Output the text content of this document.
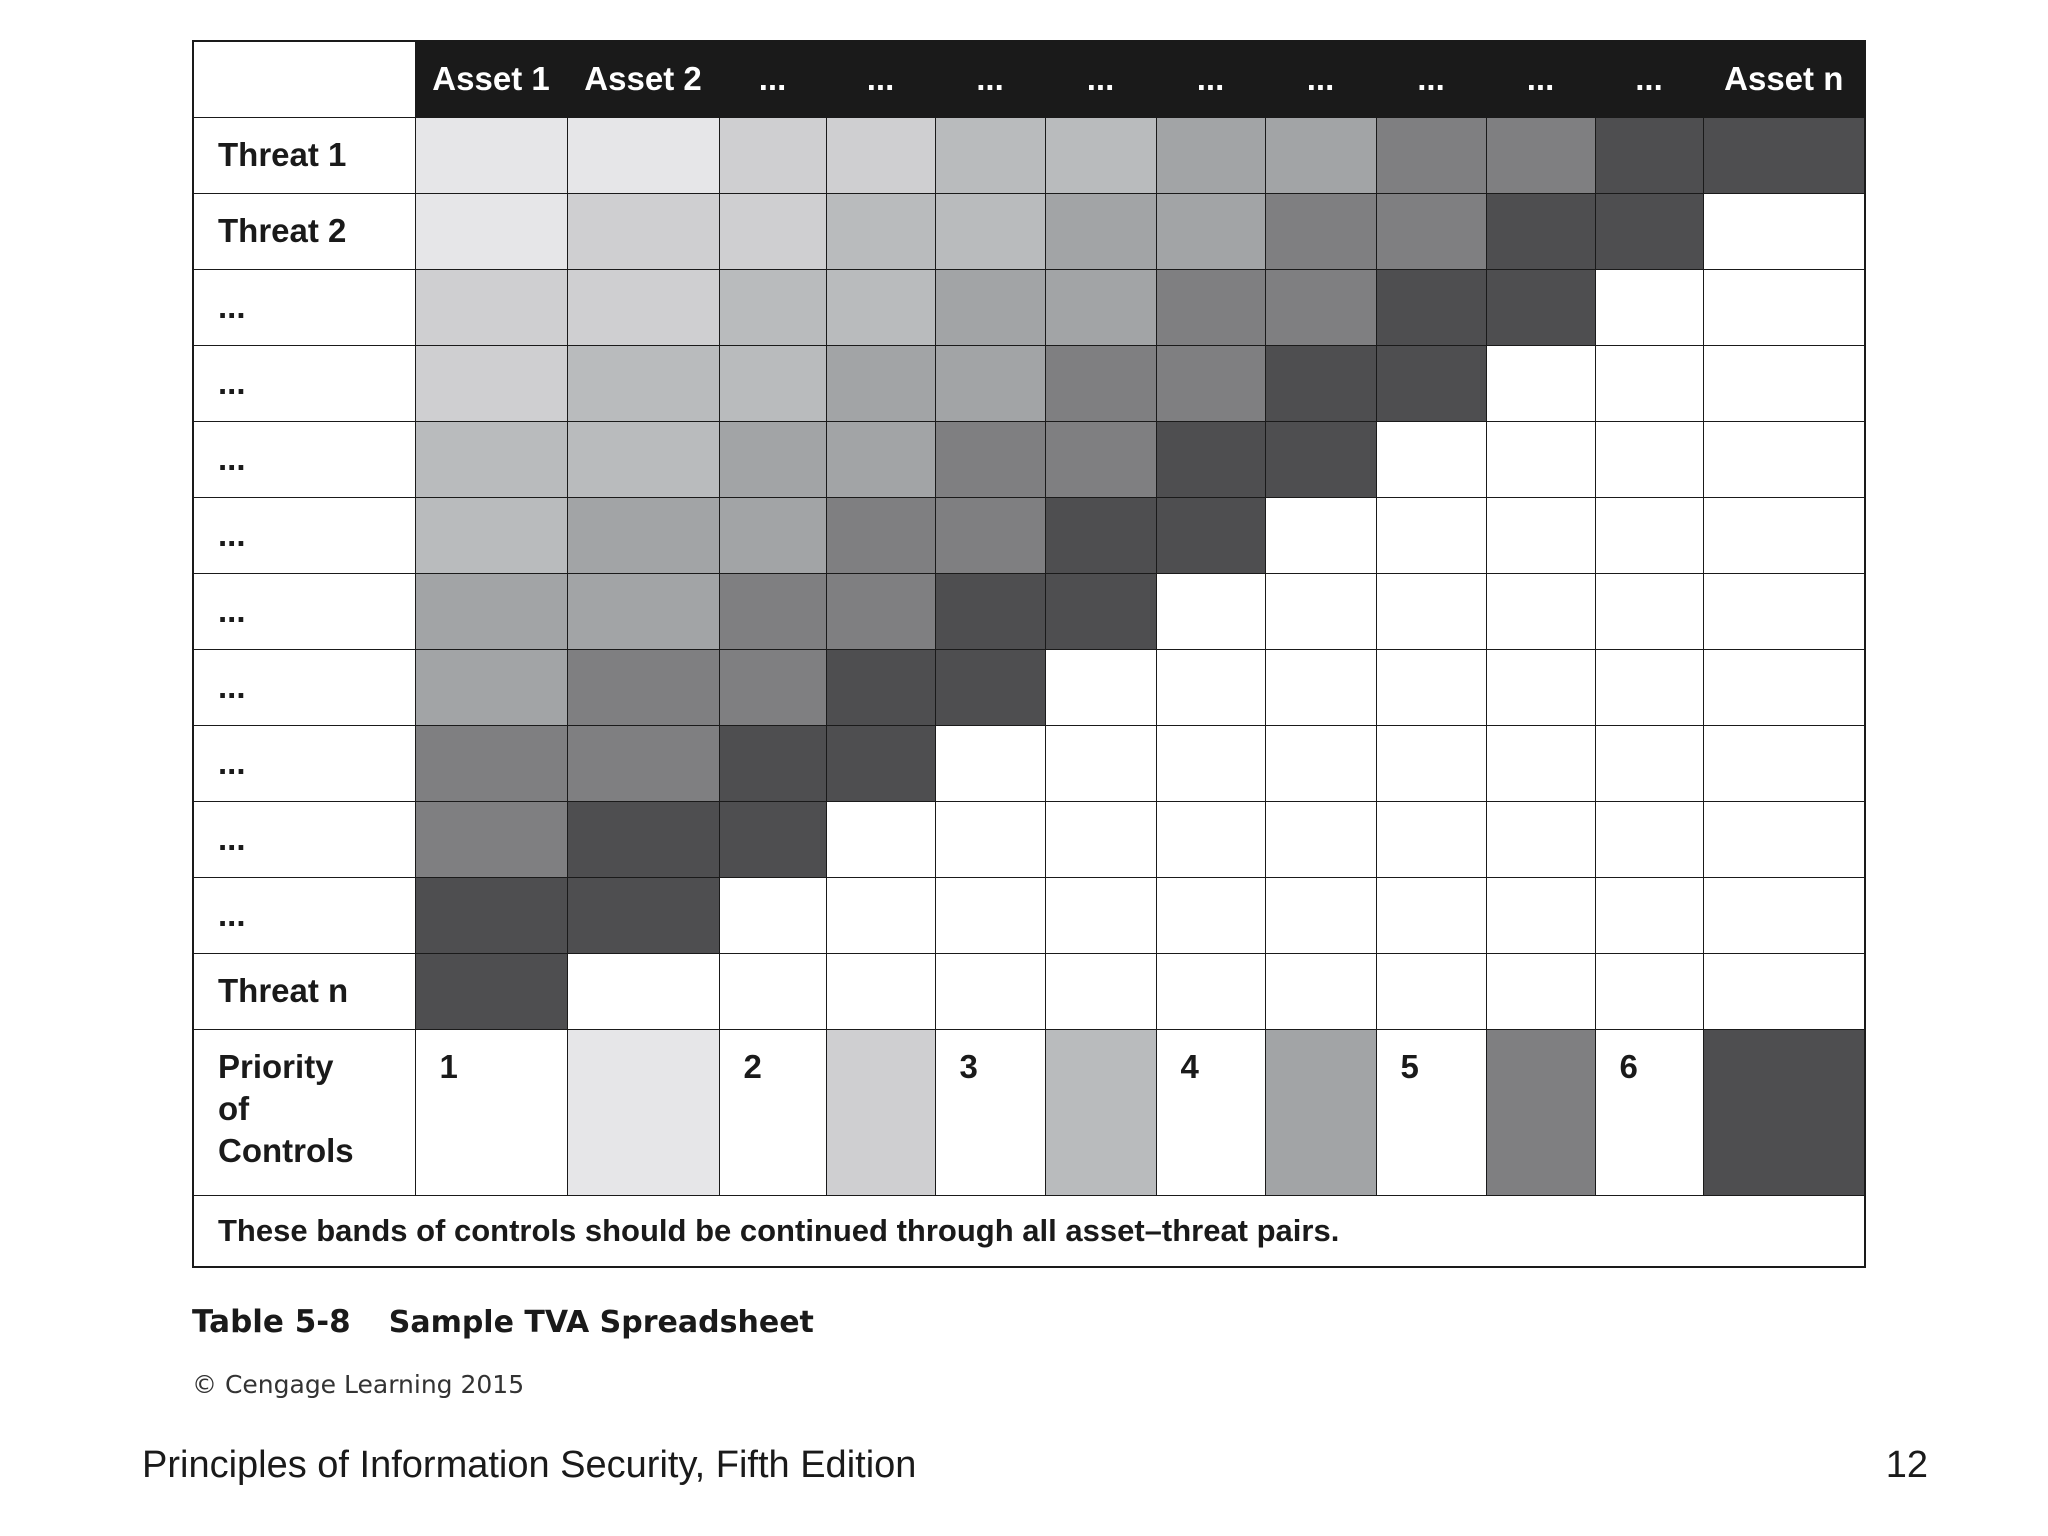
	Asset 1	Asset 2	...	...	...	...	...	...	...	...	...	Asset n
Threat 1												
Threat 2												
...												
...												
...												
...												
...												
...												
...												
...												
...												
Threat n												

Priority
of
Controls	1		2		3		4		5		6	
These bands of controls should be continued through all asset–threat pairs.												
Table 5-8 Sample TVA Spreadsheet
© Cengage Learning 2015
Principles of Information Security, Fifth Edition	12
